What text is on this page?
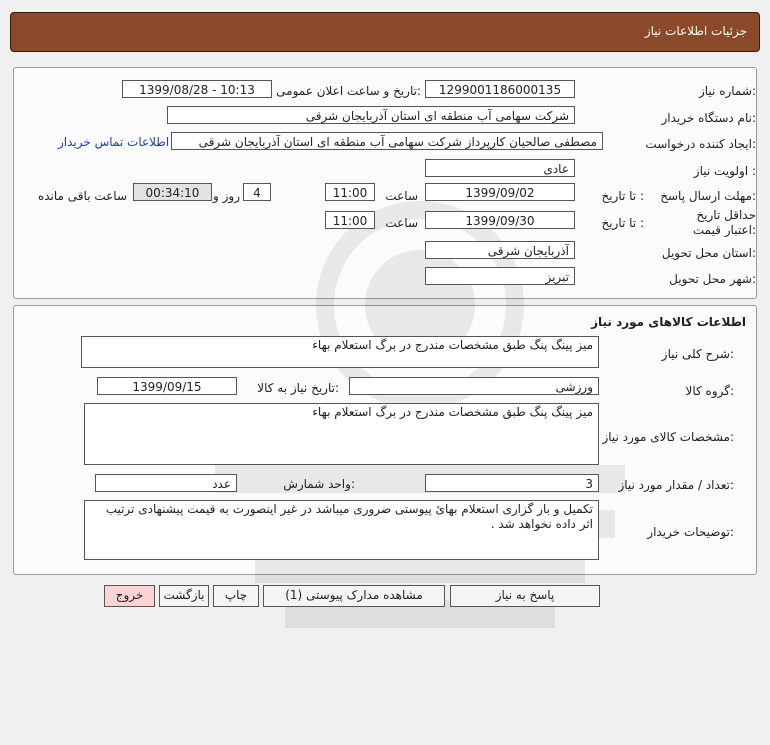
جزئیات اطلاعات نیاز
شماره نیاز:
1299001186000135
تاریخ و ساعت اعلان عمومی:
1399/08/28 - 10:13
نام دستگاه خریدار:
شرکت سهامی آب منطقه ای استان آذربایجان شرقی
ایجاد کننده درخواست:
مصطفی صالحیان کارپرداز شرکت سهامی آب منطقه ای استان آذربایجان شرقی
اطلاعات تماس خریدار
اولویت نیاز :
عادی
مهلت ارسال پاسخ:
تا تاریخ :
1399/09/02
ساعت
11:00
4
روز و
00:34:10
ساعت باقی مانده
حداقل تاریخ اعتبار قیمت:
تا تاریخ :
1399/09/30
ساعت
11:00
استان محل تحویل:
آذربایجان شرقی
شهر محل تحویل:
تبریز
اطلاعات کالاهای مورد نیاز
شرح کلی نیاز:
میز پینگ پنگ طبق مشخصات مندرج در برگ استعلام بهاء
گروه کالا:
ورزشی
تاریخ نیاز به کالا:
1399/09/15
مشخصات کالای مورد نیاز:
میز پینگ پنگ طبق مشخصات مندرج در برگ استعلام بهاء
تعداد / مقدار مورد نیاز:
3
واحد شمارش:
عدد
توضیحات خریدار:
تکمیل و بار گزاری استعلام بهائ پیوستی ضروری میباشد در غیر اینصورت به قیمت پیشنهادی ترتیب اثر داده نخواهد شد .
پاسخ به نیاز
مشاهده مدارک پیوستی (1)
چاپ
بازگشت
خروج
